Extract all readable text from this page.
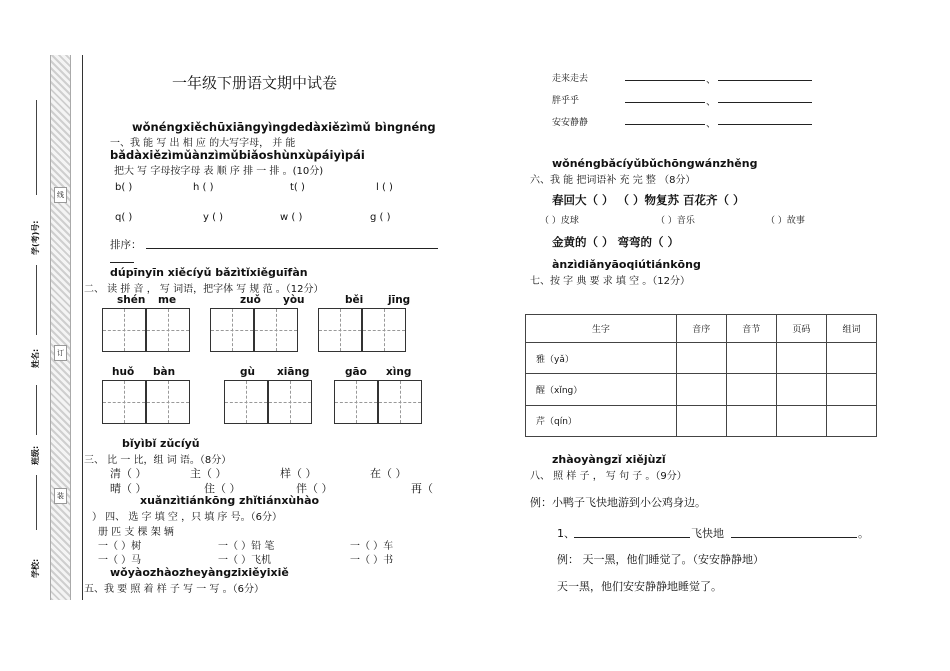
线
订
装
学(考)号:
姓名:
班级:
学校:
一年级下册语文期中试卷
wǒnéngxiěchūxiāngyìngdedàxiězìmǔ bìngnéng
一、我 能 写 出 相 应 的大写字母， 并 能
bǎdàxiězìmǔànzìmǔbiǎoshùnxùpáiyìpái
把大 写 字母按字母 表 顺 序 排 一 排 。(10分)
b( )	h ( )	t( )	l ( )
q( )	y ( )	w ( )	g ( )
排序：
dúpīnyīn xiěcíyǔ bǎzìtǐxiěguīfàn
二、 读 拼 音 ， 写 词语，把字体 写 规 范 。（12分）
shén me	zuǒ yòu	běi jīng
huǒ bàn	gù xiāng	gāo xìng
bǐyìbǐ zǔcíyǔ
三、 比 一 比，组 词 语。（8分）
清（ ）	主（ ）	样（ ）	在（ ）
晴（ ）	住（ ）	伴（ ）	再（
xuǎnzìtiánkōng zhǐtiánxùhào
） 四、 选 字 填 空 ，只 填 序 号。（6分）
册 匹 支 棵 架 辆
一（ ）树	一（ ）铅 笔	一（ ）车
一（ ）马	一（ ）飞机	一（ ）书
wǒyàozhàozheyàngzixiěyixiě
五、我 要 照 着 样 子 写 一 写 。（6分）
走来走去	、
胖乎乎	、
安安静静	、
wǒnéngbǎcíyǔbǔchōngwánzhěng
六、我 能 把词语补 充 完 整 （8分）
春回大（ ） （ ）物复苏 百花齐（ ）
（ ）皮球	（ ）音乐	（ ）故事
金黄的（ ） 弯弯的（ ）
ànzìdiǎnyāoqiútiánkōng
七、按 字 典 要 求 填 空 。（12分）
生字	音序	音节	页码	组词
雅（yǎ）				
醒（xǐng）				
芹（qín）				
zhàoyàngzǐ xiějùzǐ
八、 照 样 子 ， 写 句 子 。（9分）
例：小鸭子飞快地游到小公鸡身边。
1、	飞快地	。
例： 天一黑，他们睡觉了。（安安静静地）
天一黑，他们安安静静地睡觉了。
